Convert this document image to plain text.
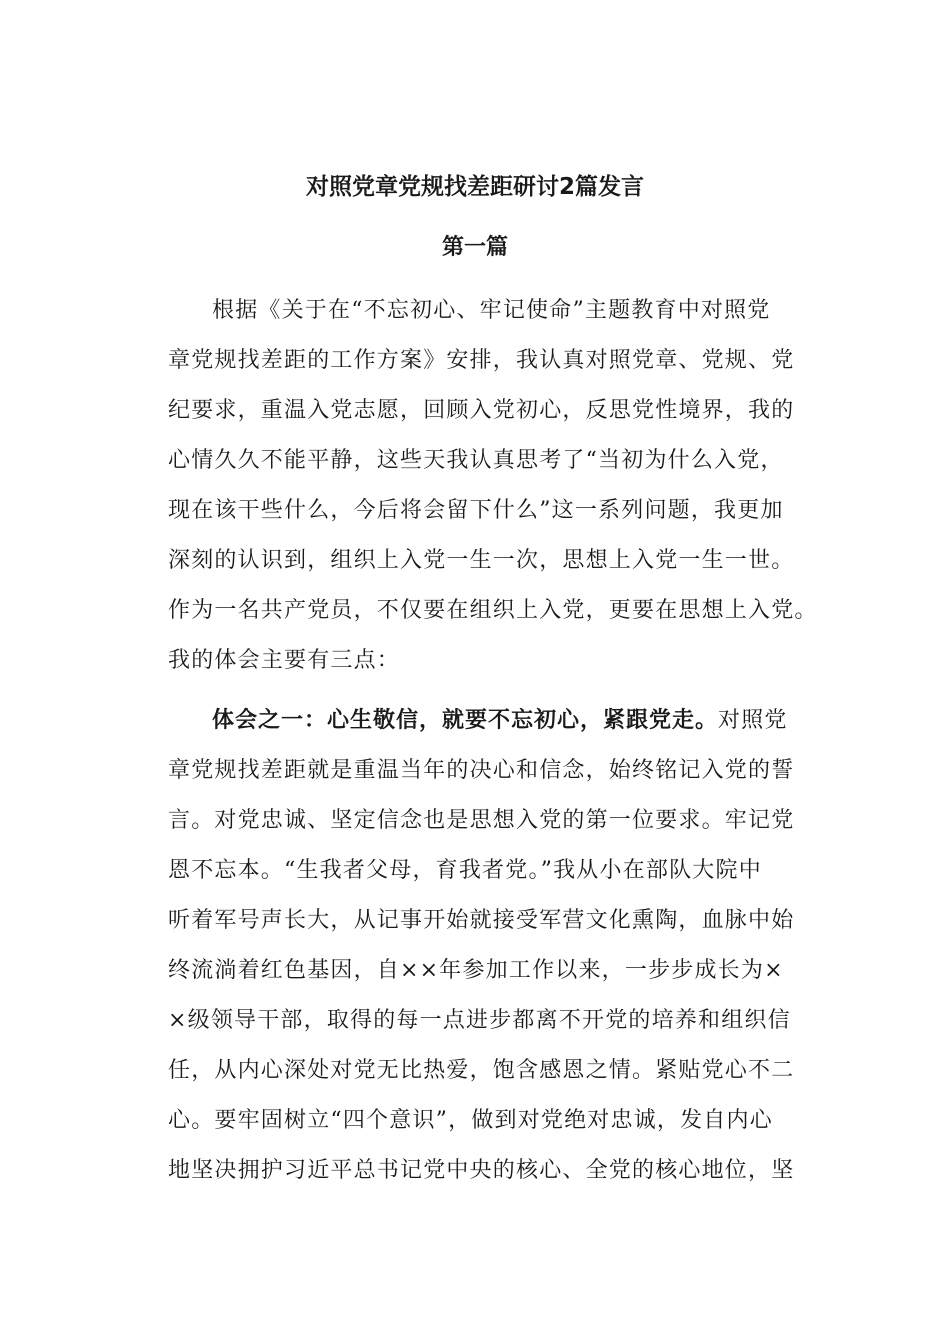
对照党章党规找差距研讨2篇发言
第一篇
根据《关于在“不忘初心、牢记使命”主题教育中对照党
章党规找差距的工作方案》安排，我认真对照党章、党规、党
纪要求，重温入党志愿，回顾入党初心，反思党性境界，我的
心情久久不能平静，这些天我认真思考了“当初为什么入党，
现在该干些什么，今后将会留下什么”这一系列问题，我更加
深刻的认识到，组织上入党一生一次，思想上入党一生一世。
作为一名共产党员，不仅要在组织上入党，更要在思想上入党。
我的体会主要有三点：
体会之一：心生敬信，就要不忘初心，紧跟党走。对照党
章党规找差距就是重温当年的决心和信念，始终铭记入党的誓
言。对党忠诚、坚定信念也是思想入党的第一位要求。牢记党
恩不忘本。“生我者父母，育我者党。”我从小在部队大院中
听着军号声长大，从记事开始就接受军营文化熏陶，血脉中始
终流淌着红色基因，自××年参加工作以来，一步步成长为×
×级领导干部，取得的每一点进步都离不开党的培养和组织信
任，从内心深处对党无比热爱，饱含感恩之情。紧贴党心不二
心。要牢固树立“四个意识”，做到对党绝对忠诚，发自内心
地坚决拥护习近平总书记党中央的核心、全党的核心地位，坚
